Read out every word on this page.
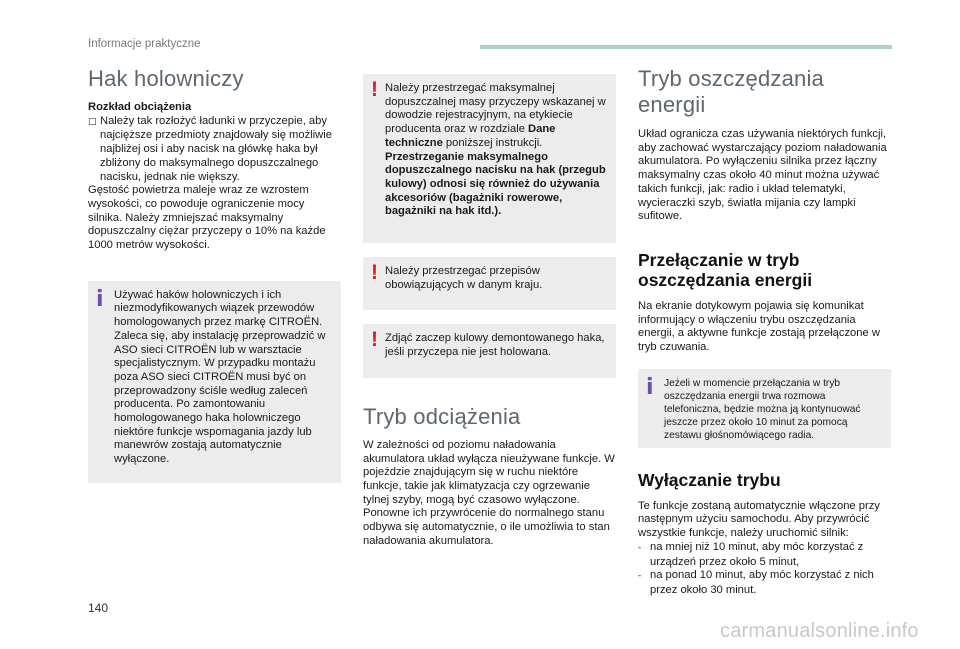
Informacje praktyczne
Hak holowniczy
Rozkład obciążenia
□ Należy tak rozłożyć ładunki w przyczepie, aby najcięższe przedmioty znajdowały się możliwie najbliżej osi i aby nacisk na główkę haka był zbliżony do maksymalnego dopuszczalnego nacisku, jednak nie większy.
Gęstość powietrza maleje wraz ze wzrostem wysokości, co powoduje ograniczenie mocy silnika. Należy zmniejszać maksymalny dopuszczalny ciężar przyczepy o 10% na każde 1000 metrów wysokości.
i Używać haków holowniczych i ich niezmodyfikowanych wiązek przewodów homologowanych przez markę CITROËN. Zaleca się, aby instalację przeprowadzić w ASO sieci CITROËN lub w warsztacie specjalistycznym. W przypadku montażu poza ASO sieci CITROËN musi być on przeprowadzony ściśle według zaleceń producenta. Po zamontowaniu homologowanego haka holowniczego niektóre funkcje wspomagania jazdy lub manewrów zostają automatycznie wyłączone.
! Należy przestrzegać maksymalnej dopuszczalnej masy przyczepy wskazanej w dowodzie rejestracyjnym, na etykiecie producenta oraz w rozdziale Dane techniczne poniższej instrukcji.
Przestrzeganie maksymalnego dopuszczalnego nacisku na hak (przegub kulowy) odnosi się również do używania akcesoriów (bagażniki rowerowe, bagażniki na hak itd.).
! Należy przestrzegać przepisów obowiązujących w danym kraju.
! Zdjąć zaczep kulowy demontowanego haka, jeśli przyczepa nie jest holowana.
Tryb odciążenia
W zależności od poziomu naładowania akumulatora układ wyłącza nieużywane funkcje. W pojeździe znajdującym się w ruchu niektóre funkcje, takie jak klimatyzacja czy ogrzewanie tylnej szyby, mogą być czasowo wyłączone. Ponowne ich przywrócenie do normalnego stanu odbywa się automatycznie, o ile umożliwia to stan naładowania akumulatora.
Tryb oszczędzania energii
Układ ogranicza czas używania niektórych funkcji, aby zachować wystarczający poziom naładowania akumulatora. Po wyłączeniu silnika przez łączny maksymalny czas około 40 minut można używać takich funkcji, jak: radio i układ telematyki, wycieraczki szyb, światła mijania czy lampki sufitowe.
Przełączanie w tryb oszczędzania energii
Na ekranie dotykowym pojawia się komunikat informujący o włączeniu trybu oszczędzania energii, a aktywne funkcje zostają przełączone w tryb czuwania.
i Jeżeli w momencie przełączania w tryb oszczędzania energii trwa rozmowa telefoniczna, będzie można ją kontynuować jeszcze przez około 10 minut za pomocą zestawu głośnomówiącego radia.
Wyłączanie trybu
Te funkcje zostaną automatycznie włączone przy następnym użyciu samochodu. Aby przywrócić wszystkie funkcje, należy uruchomić silnik:
- na mniej niż 10 minut, aby móc korzystać z urządzeń przez około 5 minut,
- na ponad 10 minut, aby móc korzystać z nich przez około 30 minut.
140
carmanualsonline.info
